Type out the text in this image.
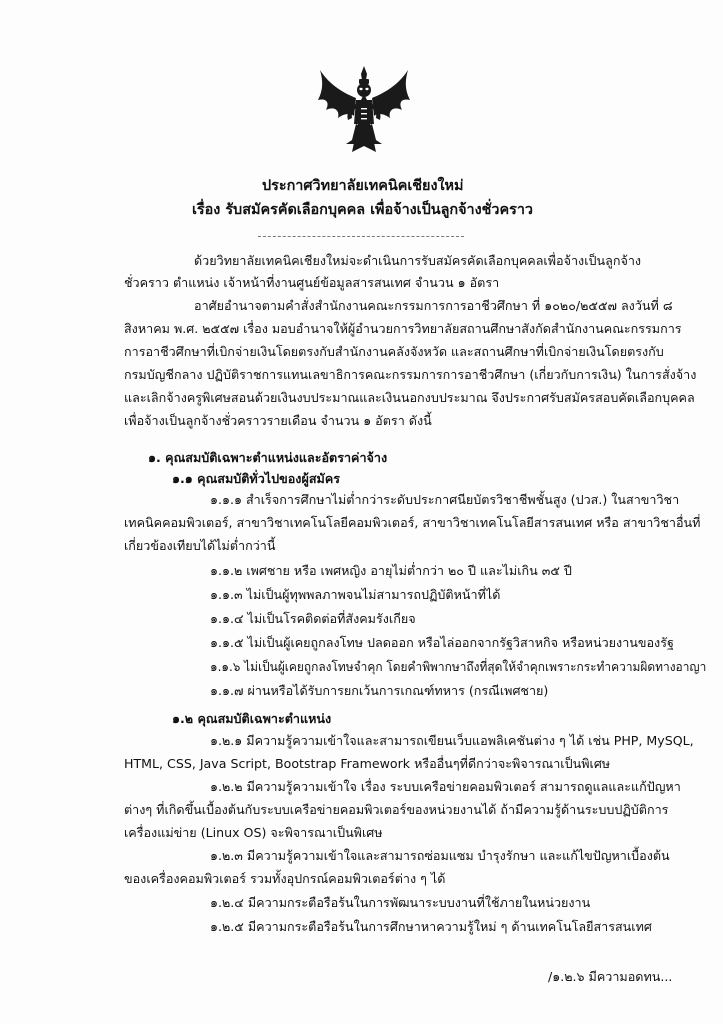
ประกาศวิทยาลัยเทคนิคเชียงใหม่
เรื่อง รับสมัครคัดเลือกบุคคล เพื่อจ้างเป็นลูกจ้างชั่วคราว
ด้วยวิทยาลัยเทคนิคเชียงใหม่จะดำเนินการรับสมัครคัดเลือกบุคคลเพื่อจ้างเป็นลูกจ้าง
ชั่วคราว ตำแหน่ง เจ้าหน้าที่งานศูนย์ข้อมูลสารสนเทศ จำนวน ๑ อัตรา
อาศัยอำนาจตามคำสั่งสำนักงานคณะกรรมการการอาชีวศึกษา ที่ ๑๐๒๐/๒๕๕๗ ลงวันที่ ๘
สิงหาคม พ.ศ. ๒๕๕๗ เรื่อง มอบอำนาจให้ผู้อำนวยการวิทยาลัยสถานศึกษาสังกัดสำนักงานคณะกรรมการ
การอาชีวศึกษาที่เบิกจ่ายเงินโดยตรงกับสำนักงานคลังจังหวัด และสถานศึกษาที่เบิกจ่ายเงินโดยตรงกับ
กรมบัญชีกลาง ปฏิบัติราชการแทนเลขาธิการคณะกรรมการการอาชีวศึกษา (เกี่ยวกับการเงิน) ในการสั่งจ้าง
และเลิกจ้างครูพิเศษสอนด้วยเงินงบประมาณและเงินนอกงบประมาณ จึงประกาศรับสมัครสอบคัดเลือกบุคคล
เพื่อจ้างเป็นลูกจ้างชั่วคราวรายเดือน จำนวน ๑ อัตรา ดังนี้
๑. คุณสมบัติเฉพาะตำแหน่งและอัตราค่าจ้าง
๑.๑ คุณสมบัติทั่วไปของผู้สมัคร
๑.๑.๑ สำเร็จการศึกษาไม่ต่ำกว่าระดับประกาศนียบัตรวิชาชีพชั้นสูง (ปวส.) ในสาขาวิชา
เทคนิคคอมพิวเตอร์, สาขาวิชาเทคโนโลยีคอมพิวเตอร์, สาขาวิชาเทคโนโลยีสารสนเทศ หรือ สาขาวิชาอื่นที่
เกี่ยวข้องเทียบได้ไม่ต่ำกว่านี้
๑.๑.๒ เพศชาย หรือ เพศหญิง อายุไม่ต่ำกว่า ๒๐ ปี และไม่เกิน ๓๕ ปี
๑.๑.๓ ไม่เป็นผู้ทุพพลภาพจนไม่สามารถปฏิบัติหน้าที่ได้
๑.๑.๔ ไม่เป็นโรคติดต่อที่สังคมรังเกียจ
๑.๑.๕ ไม่เป็นผู้เคยถูกลงโทษ ปลดออก หรือไล่ออกจากรัฐวิสาหกิจ หรือหน่วยงานของรัฐ
๑.๑.๖ ไม่เป็นผู้เคยถูกลงโทษจำคุก โดยคำพิพากษาถึงที่สุดให้จำคุกเพราะกระทำความผิดทางอาญา
๑.๑.๗ ผ่านหรือได้รับการยกเว้นการเกณฑ์ทหาร (กรณีเพศชาย)
๑.๒ คุณสมบัติเฉพาะตำแหน่ง
๑.๒.๑ มีความรู้ความเข้าใจและสามารถเขียนเว็บแอพลิเคชันต่าง ๆ ได้ เช่น PHP, MySQL,
HTML, CSS, Java Script, Bootstrap Framework หรืออื่นๆที่ดีกว่าจะพิจารณาเป็นพิเศษ
๑.๒.๒ มีความรู้ความเข้าใจ เรื่อง ระบบเครือข่ายคอมพิวเตอร์ สามารถดูแลและแก้ปัญหา
ต่างๆ ที่เกิดขึ้นเบื้องต้นกับระบบเครือข่ายคอมพิวเตอร์ของหน่วยงานได้ ถ้ามีความรู้ด้านระบบปฏิบัติการ
เครื่องแม่ข่าย (Linux OS) จะพิจารณาเป็นพิเศษ
๑.๒.๓ มีความรู้ความเข้าใจและสามารถซ่อมแซม บำรุงรักษา และแก้ไขปัญหาเบื้องต้น
ของเครื่องคอมพิวเตอร์ รวมทั้งอุปกรณ์คอมพิวเตอร์ต่าง ๆ ได้
๑.๒.๔ มีความกระตือรือร้นในการพัฒนาระบบงานที่ใช้ภายในหน่วยงาน
๑.๒.๕ มีความกระตือรือร้นในการศึกษาหาความรู้ใหม่ ๆ ด้านเทคโนโลยีสารสนเทศ
/๑.๒.๖ มีความอดทน...
